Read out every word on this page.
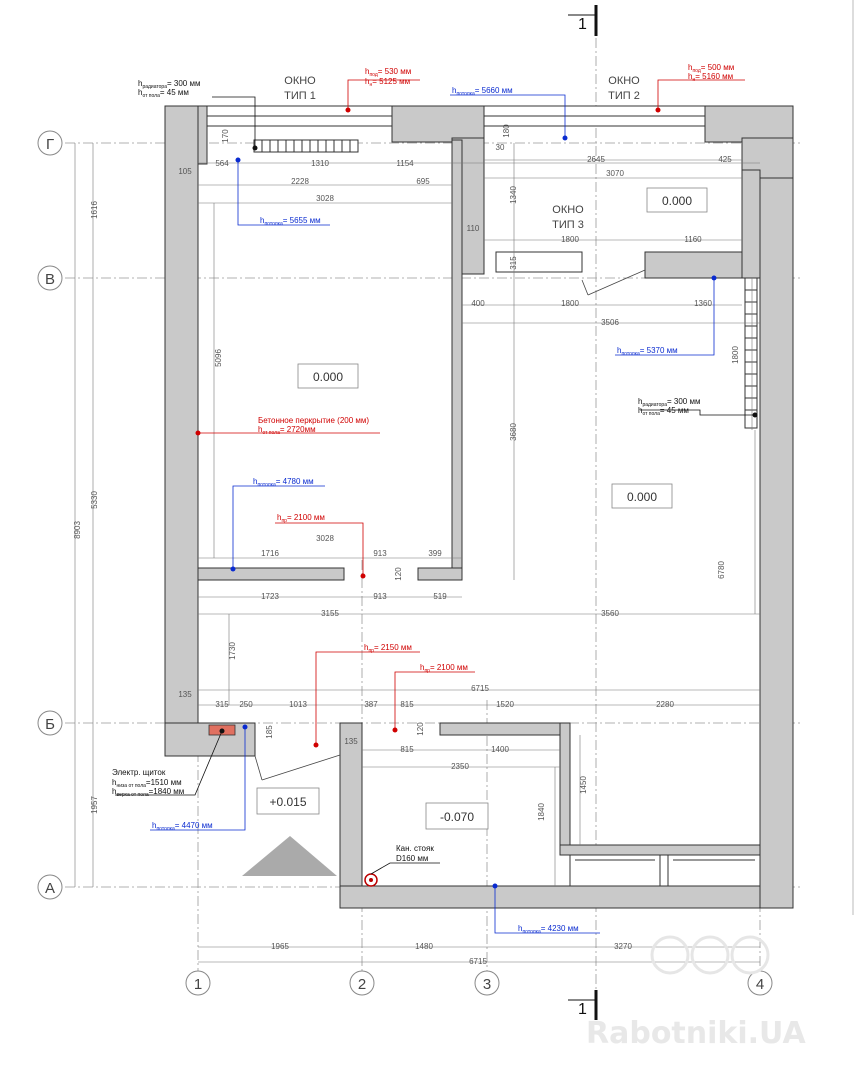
ОКНО
ТИП 1
ОКНО
ТИП 2
ОКНО
ТИП 3
$h_{радиатора}= 300$ мм
$h_{от пола}= 45$ мм
$h_{под}= 530$ мм
$h_н= 5125$ мм
$h_{потолка}= 5660$ мм
$h_{под}= 500$ мм
$h_н= 5160$ мм
$h_{потолка}= 5655$ мм
$h_{потолка}= 5370$ мм
$h_{потолка}= 4780$ мм
$h_{потолка}= 4470$ мм
$h_{потолка}= 4230$ мм
$h_{радиатора}= 300$ мм
$h_{от пола}= 45$ мм
Бетонное перкрытие (200 мм)
$h_{от пола}= 2720мм$
$h_{пр}= 2100$ мм
$h_{пр}= 2150$ мм
$h_{пр}= 2100$ мм
Электр. щиток
$h_{низа от пола}=1510$ мм
$h_{верха от пола}=1840$ мм
Кан. стояк
D160 мм
0.000
0.000
0.000
+0.015
-0.070
Г
В
Б
А
1	2	3	4
1
1
564	1310	1154
2228	695
3028
105
170	180
30
2645	425
3070
1340
110
1800	1160
315
400	1800	1360
3506
5096	1800
3680
1716
3028
913	399
120
1723	913	519
3155	3560
1730
6780
6715
135
315 250	1013	387	815	1520	2280
185	120
135
815	1400
2350
1450
1840
1616
8903
5330
1957
1965	1480	3270
6715
Rabotniki.UA
